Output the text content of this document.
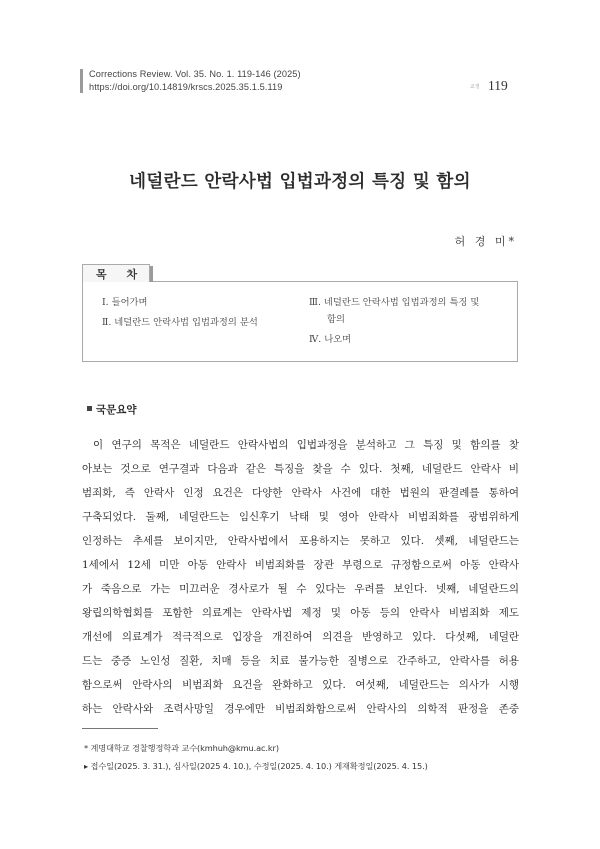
Corrections Review. Vol. 35. No. 1. 119-146 (2025)
https://doi.org/10.14819/krscs.2025.35.1.5.119	교정 119
네덜란드 안락사법 입법과정의 특징 및 함의
허 경 미*
목 차
Ⅰ. 들어가며
Ⅱ. 네덜란드 안락사법 입법과정의 분석
Ⅲ. 네덜란드 안락사법 입법과정의 특징 및
함의
Ⅳ. 나오며
국문요약
이 연구의 목적은 네덜란드 안락사법의 입법과정을 분석하고 그 특징 및 함의를 찾
아보는 것으로 연구결과 다음과 같은 특징을 찾을 수 있다. 첫째, 네덜란드 안락사 비
범죄화, 즉 안락사 인정 요건은 다양한 안락사 사건에 대한 법원의 판결례를 통하여
구축되었다. 둘째, 네덜란드는 임신후기 낙태 및 영아 안락사 비범죄화를 광범위하게
인정하는 추세를 보이지만, 안락사법에서 포용하지는 못하고 있다. 셋째, 네덜란드는
1세에서 12세 미만 아동 안락사 비범죄화를 장관 부령으로 규정함으로써 아동 안락사
가 죽음으로 가는 미끄러운 경사로가 될 수 있다는 우려를 보인다. 넷째, 네덜란드의
왕립의학협회를 포함한 의료계는 안락사법 제정 및 아동 등의 안락사 비범죄화 제도
개선에 의료계가 적극적으로 입장을 개진하여 의견을 반영하고 있다. 다섯째, 네덜란
드는 중증 노인성 질환, 치매 등을 치료 불가능한 질병으로 간주하고, 안락사를 허용
함으로써 안락사의 비범죄화 요건을 완화하고 있다. 여섯째, 네덜란드는 의사가 시행
하는 안락사와 조력사망일 경우에만 비범죄화함으로써 안락사의 의학적 판정을 존중
* 계명대학교 경찰행정학과 교수(kmhuh@kmu.ac.kr)
▸ 접수일(2025. 3. 31.), 심사일(2025 4. 10.), 수정일(2025. 4. 10.) 게재확정일(2025. 4. 15.)
